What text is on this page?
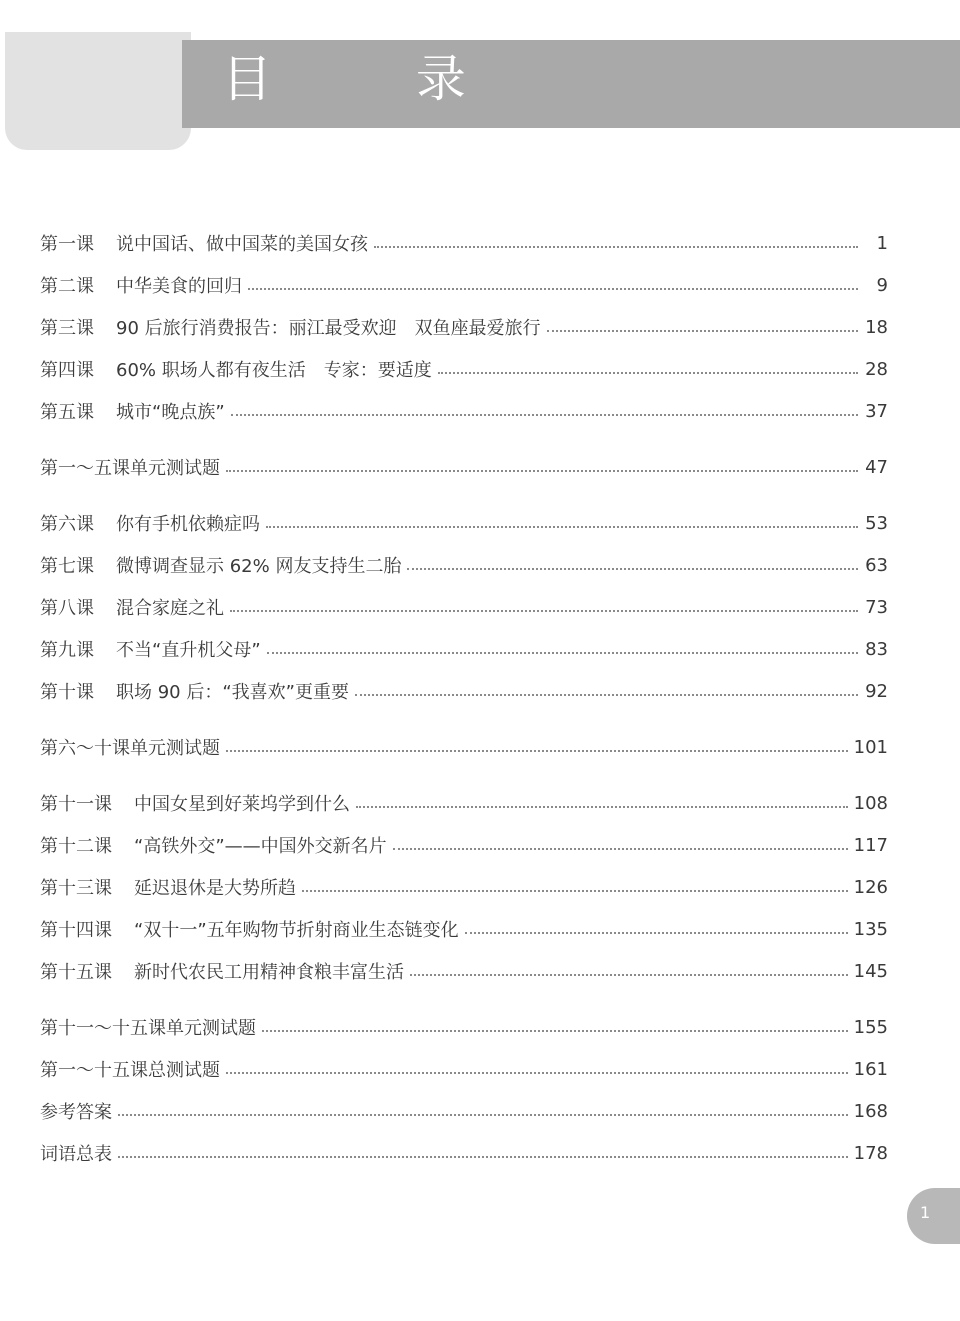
目 录
第一课 说中国话、做中国菜的美国女孩	1
第二课 中华美食的回归	9
第三课 90 后旅行消费报告：丽江最受欢迎　双鱼座最爱旅行	18
第四课 60% 职场人都有夜生活　专家：要适度	28
第五课 城市“晚点族”	37
第一～五课单元测试题	47
第六课 你有手机依赖症吗	53
第七课 微博调查显示 62% 网友支持生二胎	63
第八课 混合家庭之礼	73
第九课 不当“直升机父母”	83
第十课 职场 90 后：“我喜欢”更重要	92
第六～十课单元测试题	101
第十一课 中国女星到好莱坞学到什么	108
第十二课 “高铁外交”——中国外交新名片	117
第十三课 延迟退休是大势所趋	126
第十四课 “双十一”五年购物节折射商业生态链变化	135
第十五课 新时代农民工用精神食粮丰富生活	145
第十一～十五课单元测试题	155
第一～十五课总测试题	161
参考答案	168
词语总表	178
1
